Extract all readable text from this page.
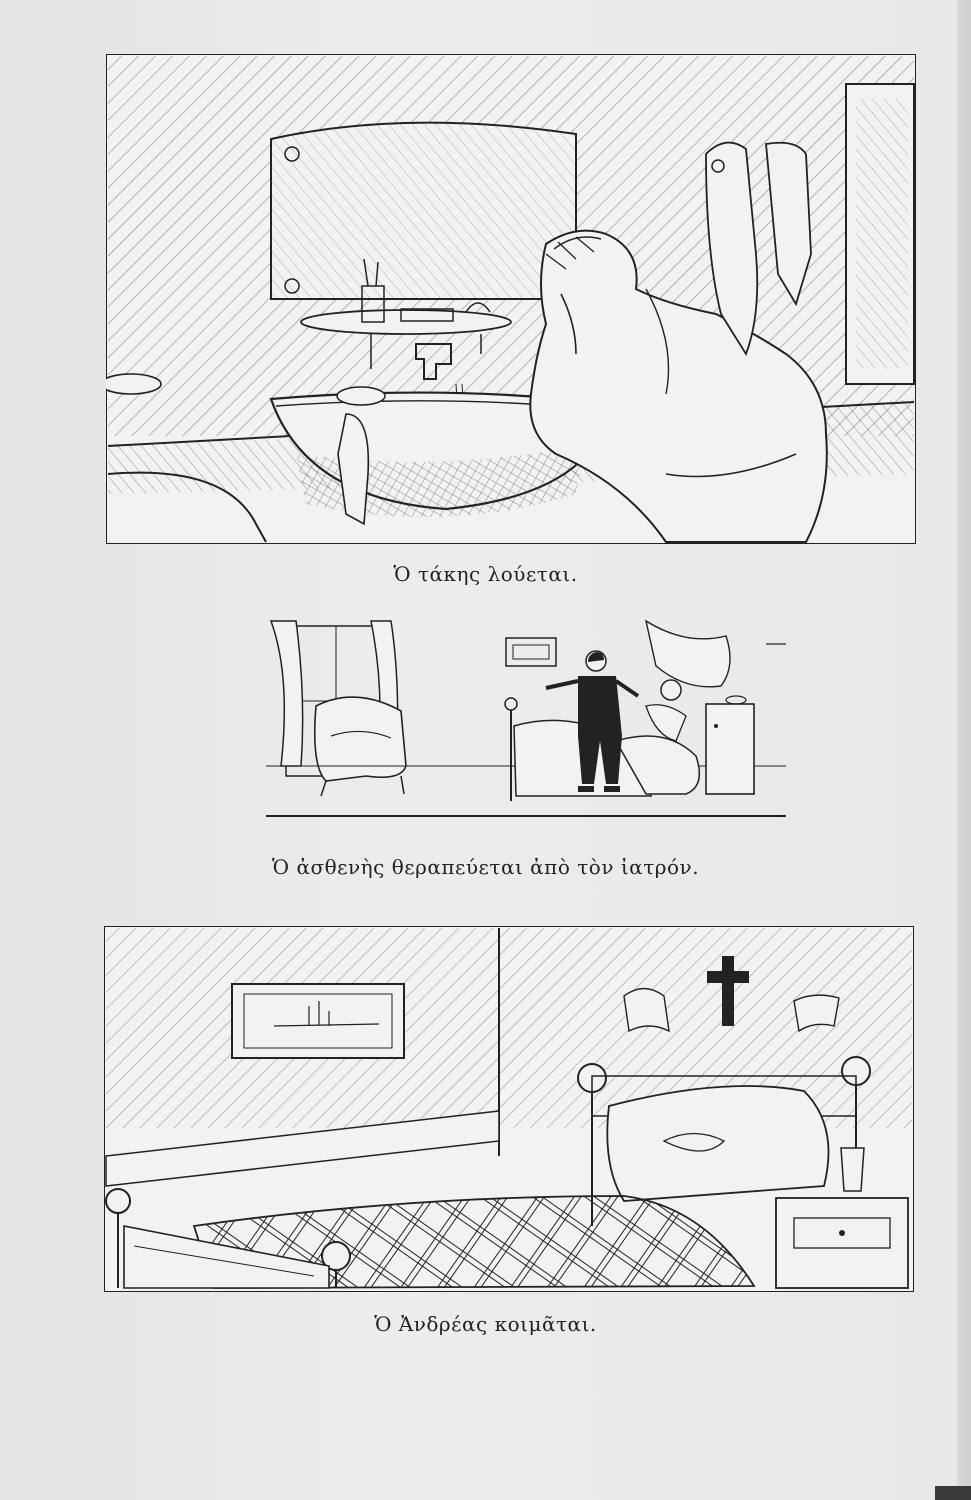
Ὁ τάκης λούεται.
Ὁ ἀσθενὴς θεραπεύεται ἀπὸ τὸν ἰατρόν.
Ὁ Ἀνδρέας κοιμᾶται.
